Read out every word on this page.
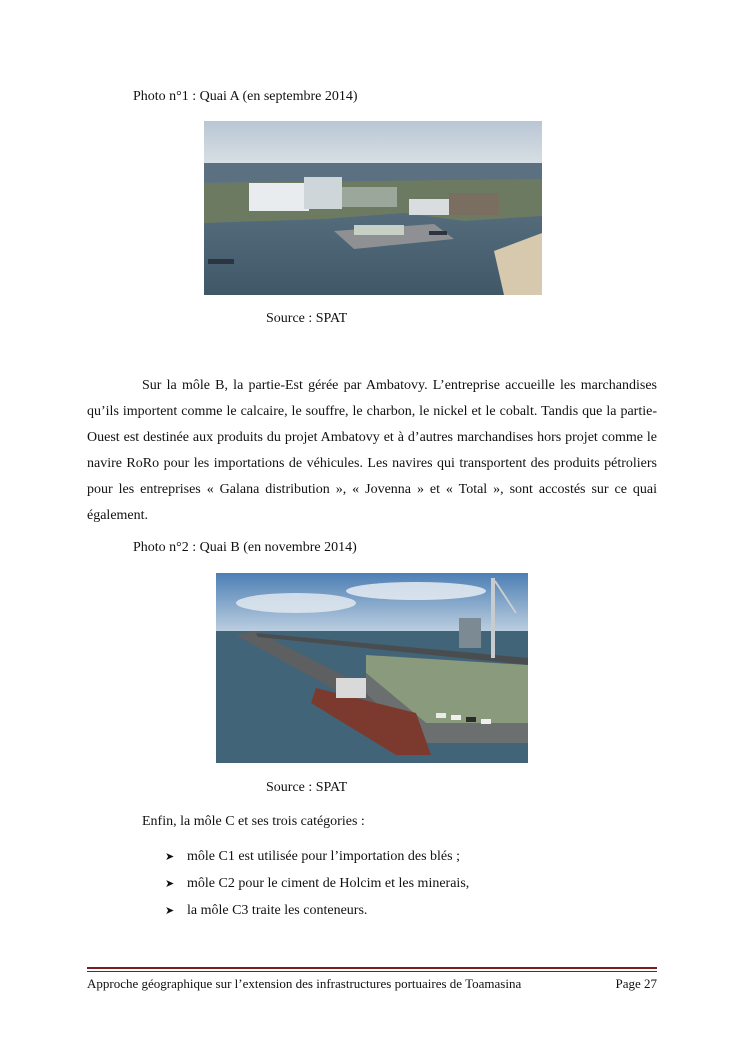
Photo n°1 : Quai A (en septembre 2014)
Source : SPAT
Sur la môle B, la partie-Est gérée par Ambatovy. L’entreprise accueille les marchandises qu’ils importent comme le calcaire, le souffre, le charbon, le nickel et le cobalt. Tandis que la partie-Ouest est destinée aux produits du projet Ambatovy et à d’autres marchandises hors projet comme le navire RoRo pour les importations de véhicules. Les navires qui transportent des produits pétroliers pour les entreprises « Galana distribution », « Jovenna » et « Total », sont accostés sur ce quai également.
Photo n°2 : Quai B (en novembre 2014)
Source : SPAT
Enfin, la môle C et ses trois catégories :
➤ môle C1 est utilisée pour l’importation des blés ;
➤ môle C2 pour le ciment de Holcim et les minerais,
➤ la môle C3 traite les conteneurs.
Approche géographique sur l’extension des infrastructures portuaires de Toamasina	Page 27
